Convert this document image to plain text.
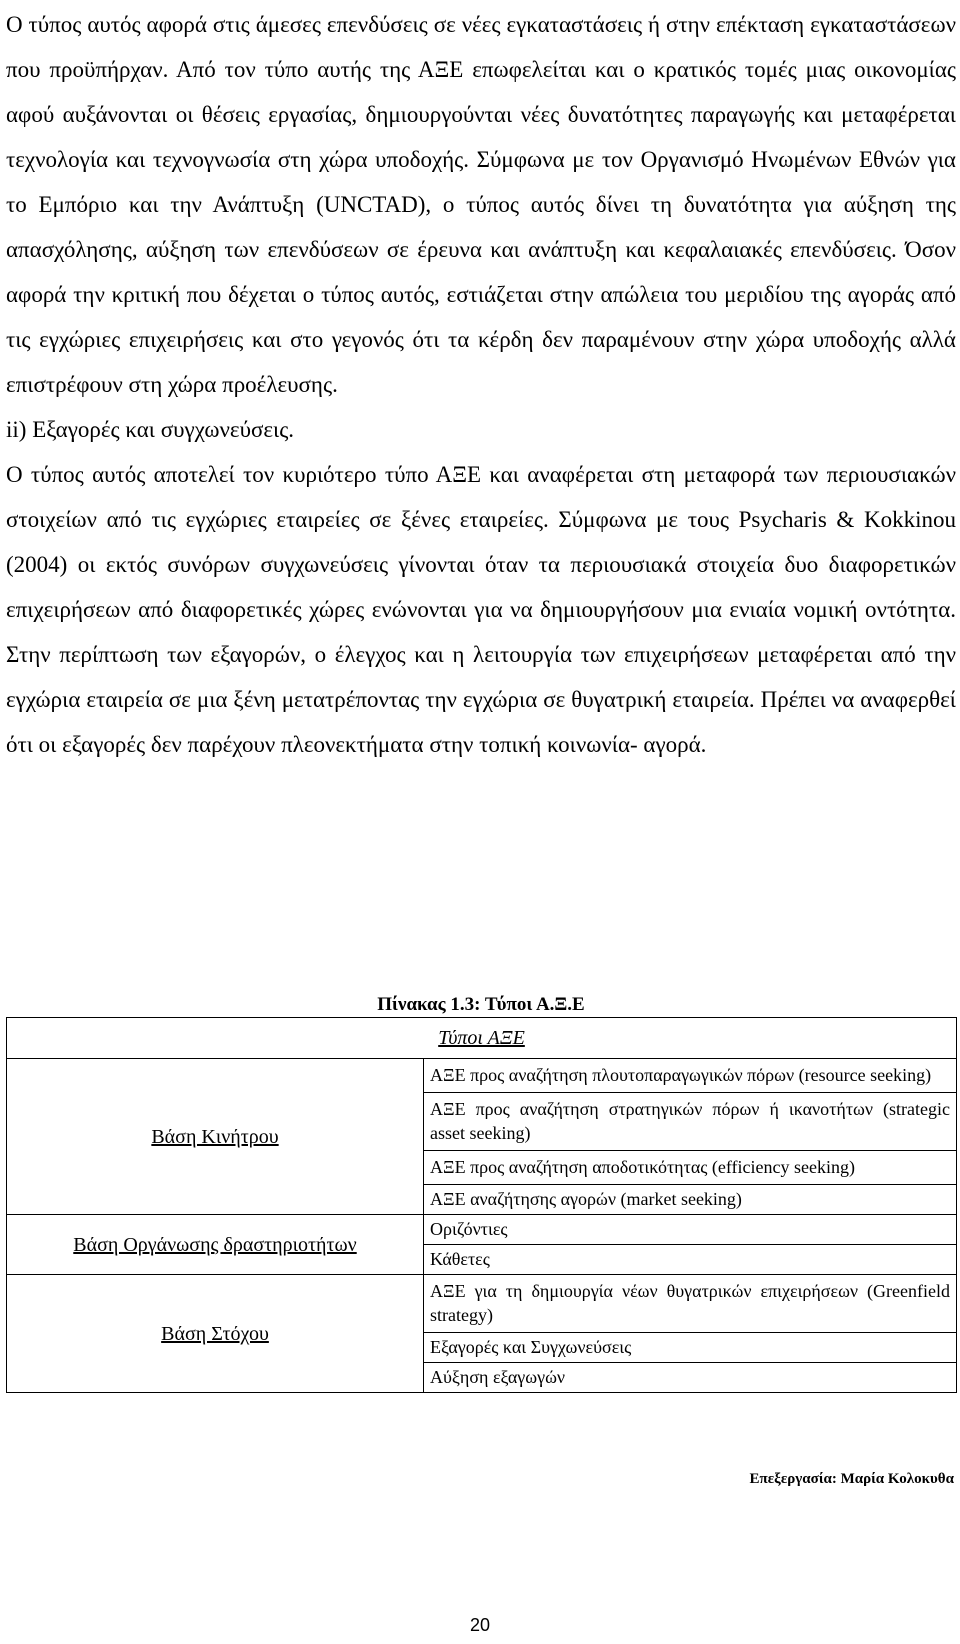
Ο τύπος αυτός αφορά στις άμεσες επενδύσεις σε νέες εγκαταστάσεις ή στην επέκταση εγκαταστάσεων που προϋπήρχαν. Από τον τύπο αυτής της ΑΞΕ επωφελείται και ο κρατικός τομές μιας οικονομίας αφού αυξάνονται οι θέσεις εργασίας, δημιουργούνται νέες δυνατότητες παραγωγής και μεταφέρεται τεχνολογία και τεχνογνωσία στη χώρα υποδοχής. Σύμφωνα με τον Οργανισμό Ηνωμένων Εθνών για το Εμπόριο και την Ανάπτυξη (UNCTAD), ο τύπος αυτός δίνει τη δυνατότητα για αύξηση της απασχόλησης, αύξηση των επενδύσεων σε έρευνα και ανάπτυξη και κεφαλαιακές επενδύσεις. Όσον αφορά την κριτική που δέχεται ο τύπος αυτός, εστιάζεται στην απώλεια του μεριδίου της αγοράς από τις εγχώριες επιχειρήσεις και στο γεγονός ότι τα κέρδη δεν παραμένουν στην χώρα υποδοχής αλλά επιστρέφουν στη χώρα προέλευσης.

ii) Εξαγορές και συγχωνεύσεις.

Ο τύπος αυτός αποτελεί τον κυριότερο τύπο ΑΞΕ και αναφέρεται στη μεταφορά των περιουσιακών στοιχείων από τις εγχώριες εταιρείες σε ξένες εταιρείες. Σύμφωνα με τους Psycharis & Kokkinou (2004) οι εκτός συνόρων συγχωνεύσεις γίνονται όταν τα περιουσιακά στοιχεία δυο διαφορετικών επιχειρήσεων από διαφορετικές χώρες ενώνονται για να δημιουργήσουν μια ενιαία νομική οντότητα. Στην περίπτωση των εξαγορών, ο έλεγχος και η λειτουργία των επιχειρήσεων μεταφέρεται από την εγχώρια εταιρεία σε μια ξένη μετατρέποντας την εγχώρια σε θυγατρική εταιρεία. Πρέπει να αναφερθεί ότι οι εξαγορές δεν παρέχουν πλεονεκτήματα στην τοπική κοινωνία- αγορά.

Πίνακας 1.3: Τύποι Α.Ξ.Ε
Τύποι ΑΞΕ	
Βάση Κινήτρου	ΑΞΕ προς αναζήτηση πλουτοπαραγωγικών πόρων (resource seeking)
	ΑΞΕ προς αναζήτηση στρατηγικών πόρων ή ικανοτήτων (strategic asset seeking)
	ΑΞΕ προς αναζήτηση αποδοτικότητας (efficiency seeking)
	ΑΞΕ αναζήτησης αγορών (market seeking)
Βάση Οργάνωσης δραστηριοτήτων	Οριζόντιες
	Κάθετες
Βάση Στόχου	ΑΞΕ για τη δημιουργία νέων θυγατρικών επιχειρήσεων (Greenfield strategy)
	Εξαγορές και Συγχωνεύσεις
	Αύξηση εξαγωγών
Επεξεργασία: Μαρία Κολοκυθα
20
